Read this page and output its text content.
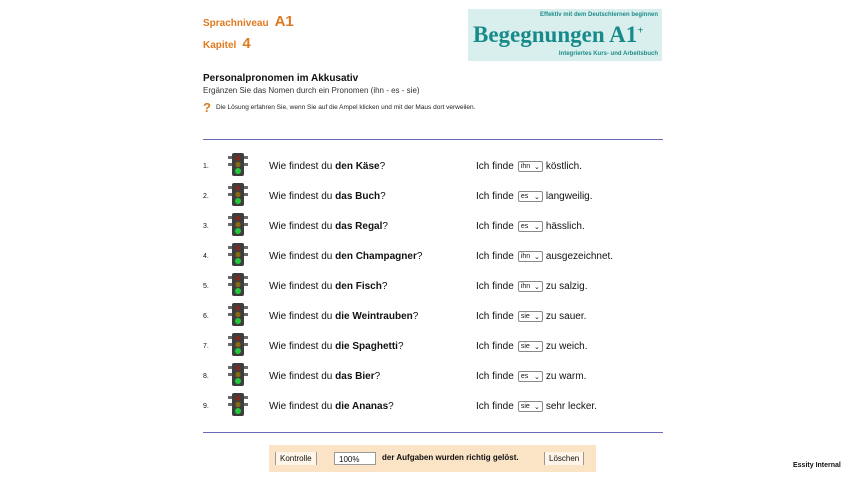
Sprachniveau A1
Kapitel 4
Effektiv mit dem Deutschlernen beginnen
Begegnungen A1+
Integriertes Kurs- und Arbeitsbuch
Personalpronomen im Akkusativ
Ergänzen Sie das Nomen durch ein Pronomen (ihn - es - sie)
? Die Lösung erfahren Sie, wenn Sie auf die Ampel klicken und mit der Maus dort verweilen.
1.	Wie findest du den Käse?	Ich finde ihn ⌄ köstlich.
2.	Wie findest du das Buch?	Ich finde es ⌄ langweilig.
3.	Wie findest du das Regal?	Ich finde es ⌄ hässlich.
4.	Wie findest du den Champagner?	Ich finde ihn ⌄ ausgezeichnet.
5.	Wie findest du den Fisch?	Ich finde ihn ⌄ zu salzig.
6.	Wie findest du die Weintrauben?	Ich finde sie ⌄ zu sauer.
7.	Wie findest du die Spaghetti?	Ich finde sie ⌄ zu weich.
8.	Wie findest du das Bier?	Ich finde es ⌄ zu warm.
9.	Wie findest du die Ananas?	Ich finde sie ⌄ sehr lecker.
Kontrolle	100%	der Aufgaben wurden richtig gelöst.	Löschen
Essity Internal
